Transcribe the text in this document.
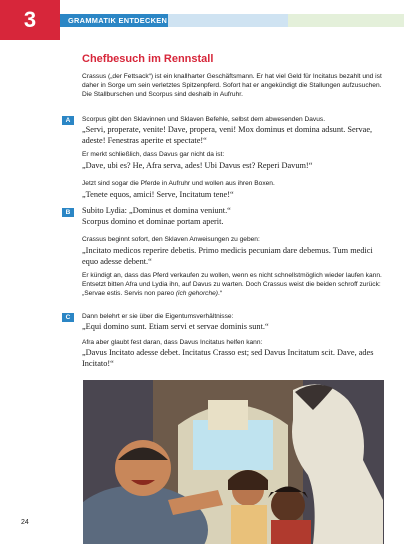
3	GRAMMATIK ENTDECKEN
Chefbesuch im Rennstall
Crassus („der Fettsack“) ist ein knallharter Geschäftsmann. Er hat viel Geld für Incitatus bezahlt und ist daher in Sorge um sein verletztes Spitzenpferd. Sofort hat er angekündigt die Stallungen aufzusuchen. Die Stallburschen und Scorpus sind deshalb in Aufruhr.
A	Scorpus gibt den Sklavinnen und Sklaven Befehle, selbst dem abwesenden Davus.
„Servi, properate, venite! Dave, propera, veni! Mox dominus et domina adsunt. Servae, adeste! Fenestras aperite et spectate!“
Er merkt schließlich, dass Davus gar nicht da ist:
„Dave, ubi es? He, Afra serva, ades! Ubi Davus est? Reperi Davum!“
Jetzt sind sogar die Pferde in Aufruhr und wollen aus ihren Boxen.
„Tenete equos, amici! Serve, Incitatum tene!“
B	Subito Lydia: „Dominus et domina veniunt.“
Scorpus domino et dominae portam aperit.
Crassus beginnt sofort, den Sklaven Anweisungen zu geben:
„Incitato medicos reperire debetis. Primo medicis pecuniam dare debemus. Tum medici equo adesse debent.“
Er kündigt an, dass das Pferd verkaufen zu wollen, wenn es nicht schnellstmöglich wieder laufen kann. Entsetzt bitten Afra und Lydia ihn, auf Davus zu warten. Doch Crassus weist die beiden schroff zurück: „Servae estis. Servis non pareo (ich gehorche).“
C	Dann belehrt er sie über die Eigentumsverhältnisse:
„Equi domino sunt. Etiam servi et servae dominis sunt.“
Afra aber glaubt fest daran, dass Davus Incitatus helfen kann:
„Davus Incitato adesse debet. Incitatus Crasso est; sed Davus Incitatum scit. Dave, ades Incitato!“
24
